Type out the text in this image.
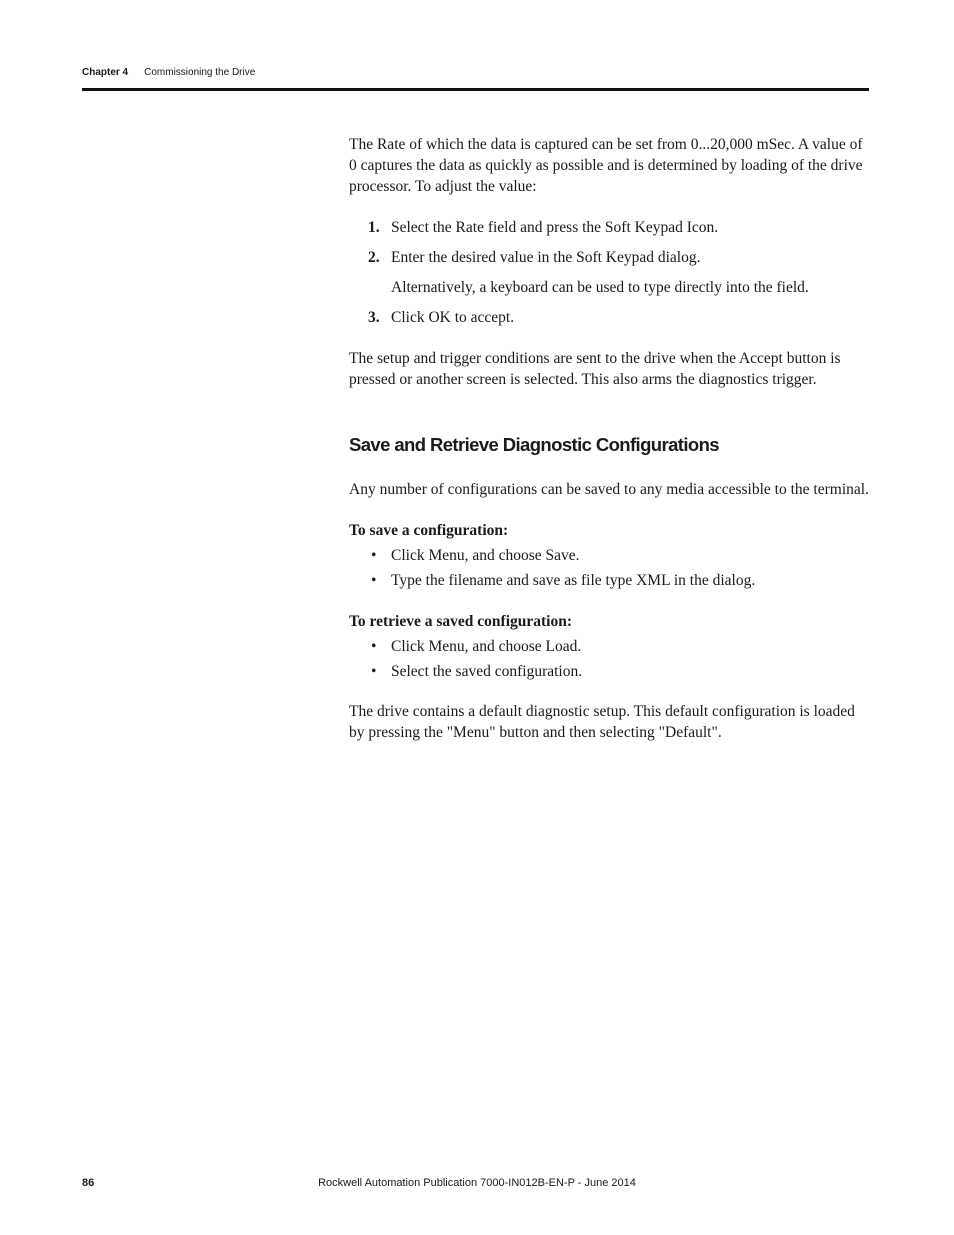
Chapter 4 Commissioning the Drive

The Rate of which the data is captured can be set from 0...20,000 mSec. A value of 0 captures the data as quickly as possible and is determined by loading of the drive processor. To adjust the value:

1. Select the Rate field and press the Soft Keypad Icon.
2. Enter the desired value in the Soft Keypad dialog.
Alternatively, a keyboard can be used to type directly into the field.
3. Click OK to accept.

The setup and trigger conditions are sent to the drive when the Accept button is pressed or another screen is selected. This also arms the diagnostics trigger.

Save and Retrieve Diagnostic Configurations

Any number of configurations can be saved to any media accessible to the terminal.

To save a configuration:

• Click Menu, and choose Save.
• Type the filename and save as file type XML in the dialog.

To retrieve a saved configuration:

• Click Menu, and choose Load.
• Select the saved configuration.

The drive contains a default diagnostic setup. This default configuration is loaded by pressing the "Menu" button and then selecting "Default".

86	Rockwell Automation Publication 7000-IN012B-EN-P - June 2014
